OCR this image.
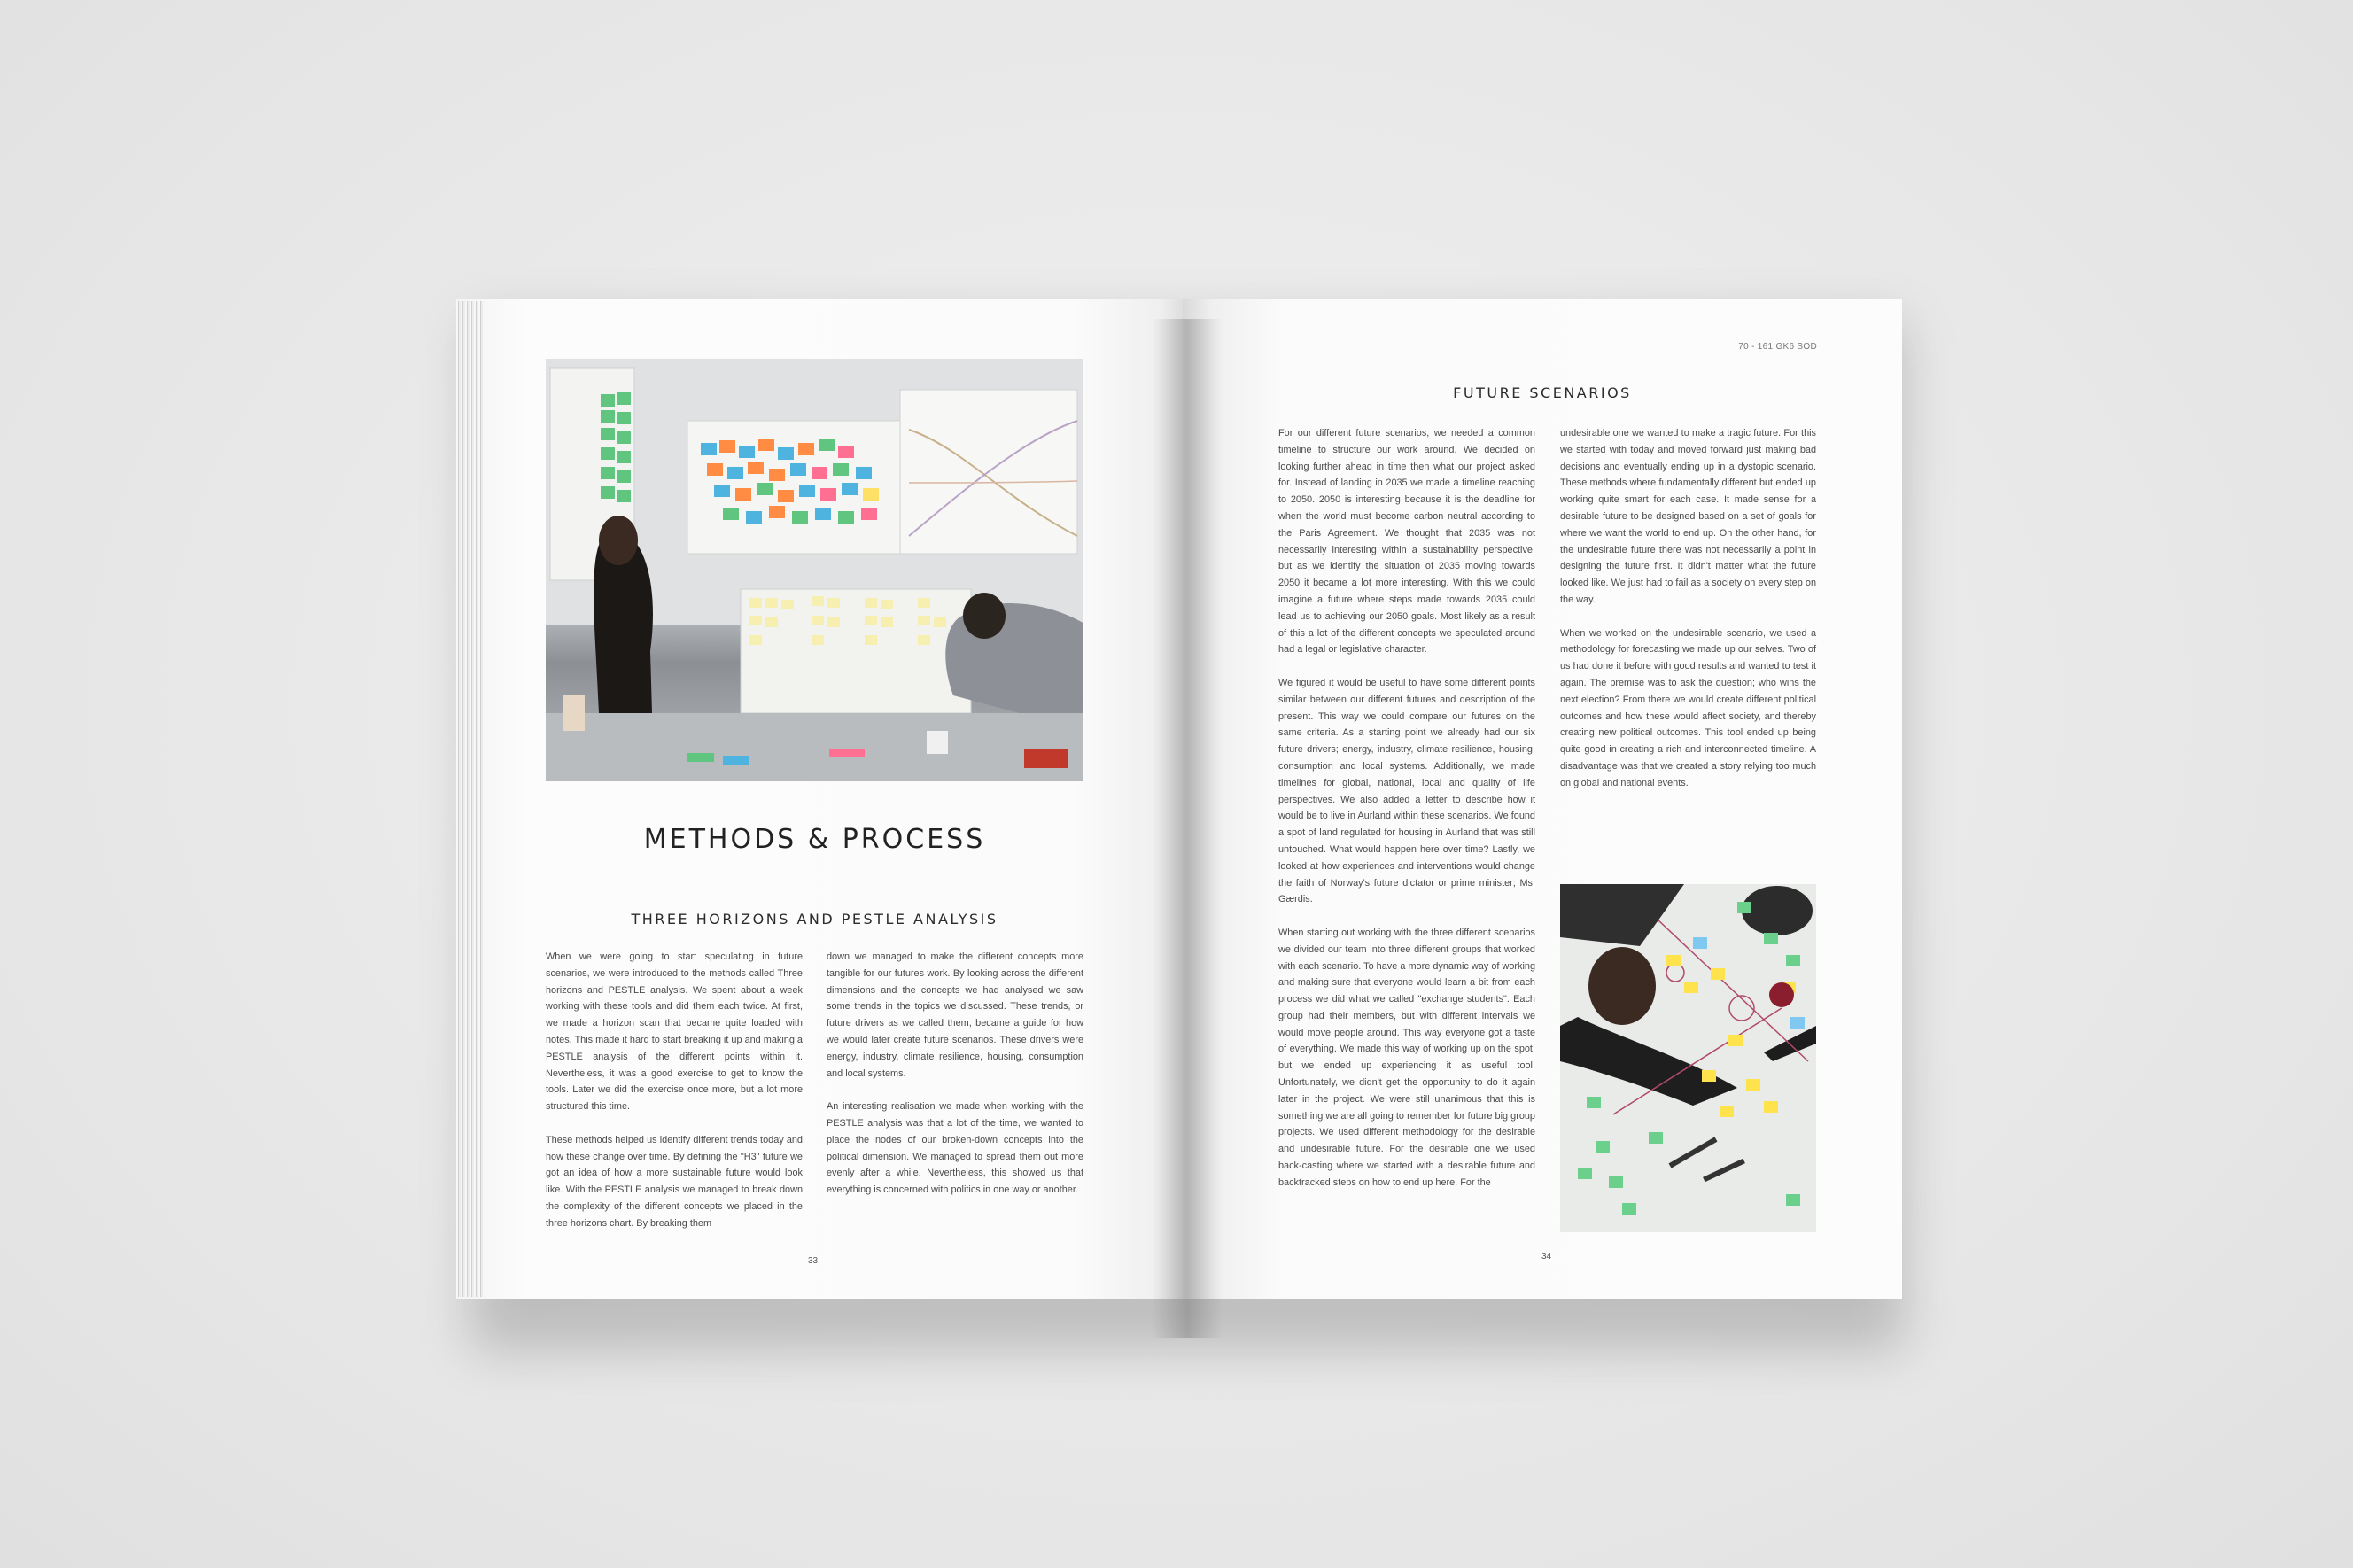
METHODS & PROCESS
THREE HORIZONS AND PESTLE ANALYSIS

When we were going to start speculating in future scenarios, we were introduced to the methods called Three horizons and PESTLE analysis. We spent about a week working with these tools and did them each twice. At first, we made a horizon scan that became quite loaded with notes. This made it hard to start breaking it up and making a PESTLE analysis of the different points within it. Nevertheless, it was a good exercise to get to know the tools. Later we did the exercise once more, but a lot more structured this time.

These methods helped us identify different trends today and how these change over time. By defining the "H3" future we got an idea of how a more sustainable future would look like. With the PESTLE analysis we managed to break down the complexity of the different concepts we placed in the three horizons chart. By breaking them

down we managed to make the different concepts more tangible for our futures work. By looking across the different dimensions and the concepts we had analysed we saw some trends in the topics we discussed. These trends, or future drivers as we called them, became a guide for how we would later create future scenarios. These drivers were energy, industry, climate resilience, housing, consumption and local systems.

An interesting realisation we made when working with the PESTLE analysis was that a lot of the time, we wanted to place the nodes of our broken-down concepts into the political dimension. We managed to spread them out more evenly after a while. Nevertheless, this showed us that everything is concerned with politics in one way or another.

33
70 - 161 GK6 SOD
FUTURE SCENARIOS

For our different future scenarios, we needed a common timeline to structure our work around. We decided on looking further ahead in time then what our project asked for. Instead of landing in 2035 we made a timeline reaching to 2050. 2050 is interesting because it is the deadline for when the world must become carbon neutral according to the Paris Agreement. We thought that 2035 was not necessarily interesting within a sustainability perspective, but as we identify the situation of 2035 moving towards 2050 it became a lot more interesting. With this we could imagine a future where steps made towards 2035 could lead us to achieving our 2050 goals. Most likely as a result of this a lot of the different concepts we speculated around had a legal or legislative character.

We figured it would be useful to have some different points similar between our different futures and description of the present. This way we could compare our futures on the same criteria. As a starting point we already had our six future drivers; energy, industry, climate resilience, housing, consumption and local systems. Additionally, we made timelines for global, national, local and quality of life perspectives. We also added a letter to describe how it would be to live in Aurland within these scenarios. We found a spot of land regulated for housing in Aurland that was still untouched. What would happen here over time? Lastly, we looked at how experiences and interventions would change the faith of Norway's future dictator or prime minister; Ms. Gærdis.

When starting out working with the three different scenarios we divided our team into three different groups that worked with each scenario. To have a more dynamic way of working and making sure that everyone would learn a bit from each process we did what we called "exchange students". Each group had their members, but with different intervals we would move people around. This way everyone got a taste of everything. We made this way of working up on the spot, but we ended up experiencing it as useful tool! Unfortunately, we didn't get the opportunity to do it again later in the project. We were still unanimous that this is something we are all going to remember for future big group projects. We used different methodology for the desirable and undesirable future. For the desirable one we used back-casting where we started with a desirable future and backtracked steps on how to end up here. For the

undesirable one we wanted to make a tragic future. For this we started with today and moved forward just making bad decisions and eventually ending up in a dystopic scenario. These methods where fundamentally different but ended up working quite smart for each case. It made sense for a desirable future to be designed based on a set of goals for where we want the world to end up. On the other hand, for the undesirable future there was not necessarily a point in designing the future first. It didn't matter what the future looked like. We just had to fail as a society on every step on the way.

When we worked on the undesirable scenario, we used a methodology for forecasting we made up our selves. Two of us had done it before with good results and wanted to test it again. The premise was to ask the question; who wins the next election? From there we would create different political outcomes and how these would affect society, and thereby creating new political outcomes. This tool ended up being quite good in creating a rich and interconnected timeline. A disadvantage was that we created a story relying too much on global and national events.

34
